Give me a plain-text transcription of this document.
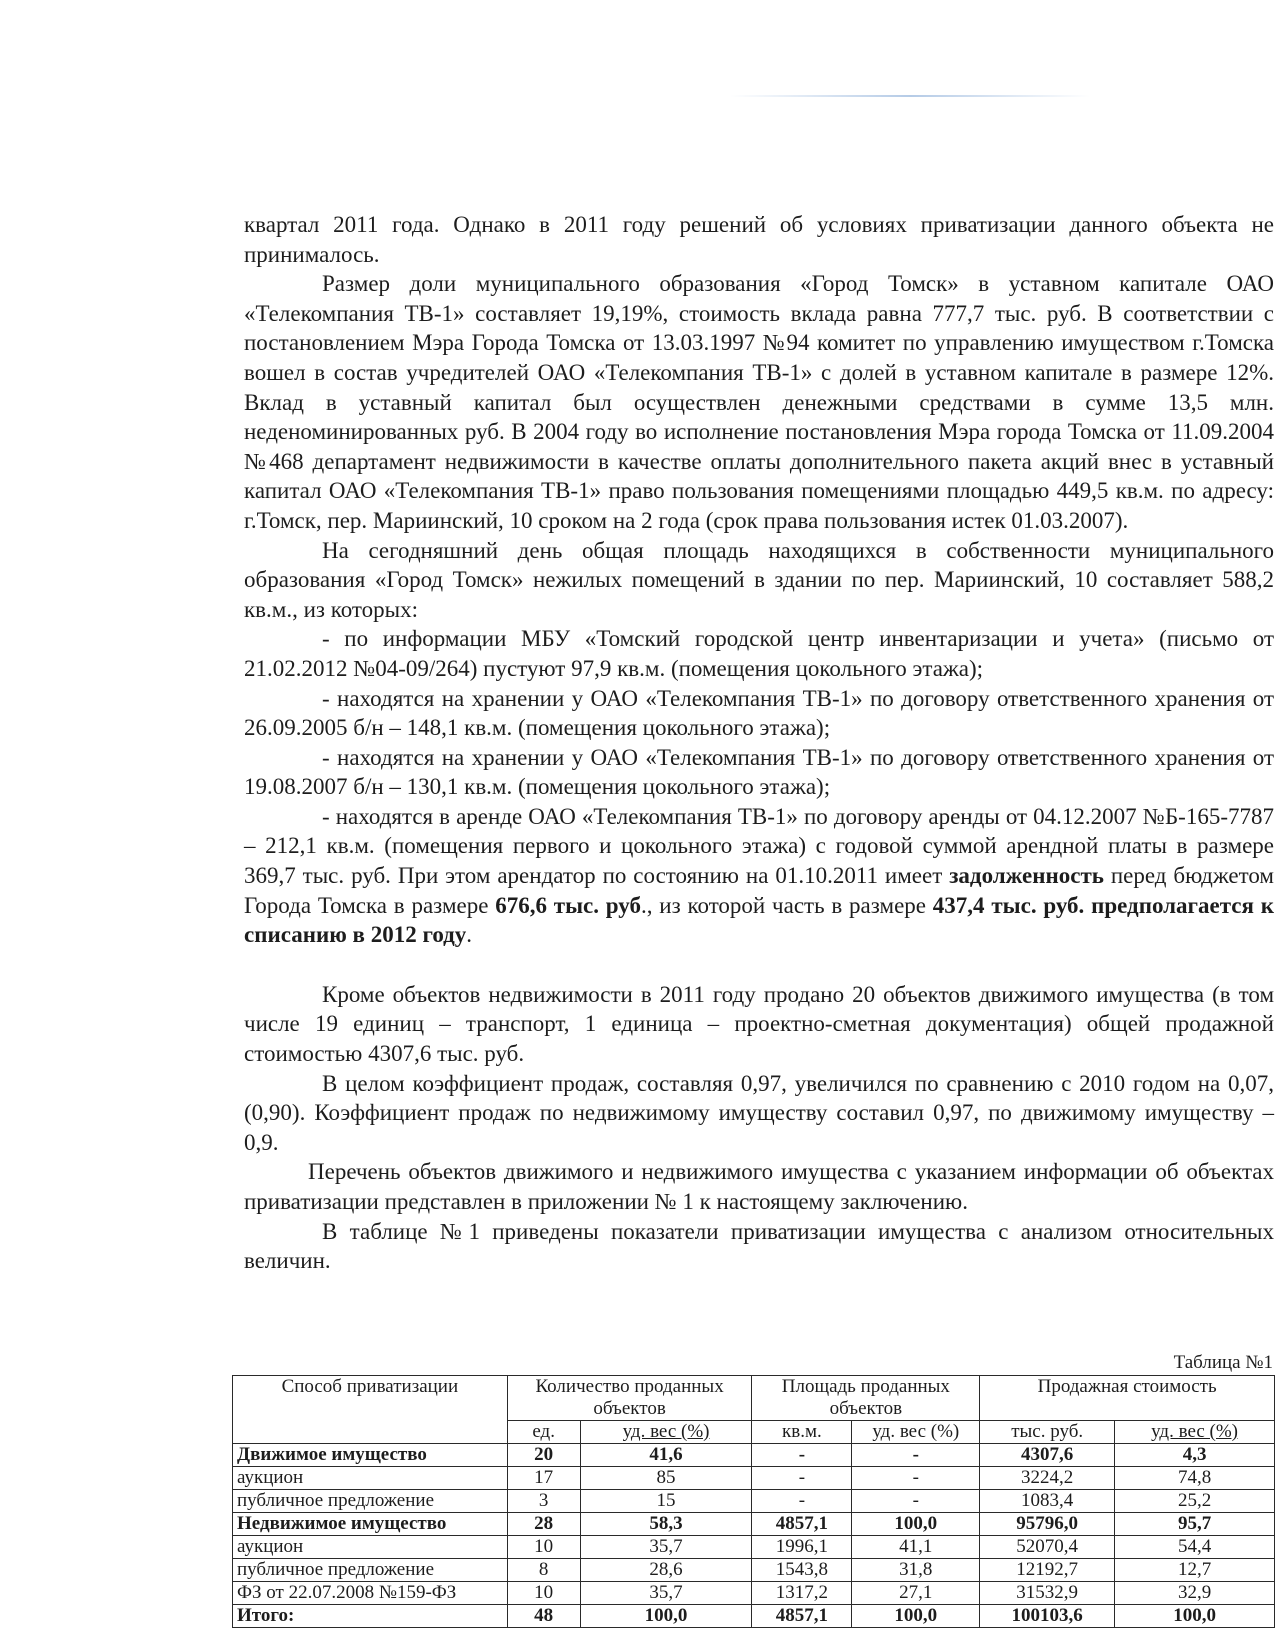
квартал 2011 года. Однако в 2011 году решений об условиях приватизации данного объекта не принималось.

Размер доли муниципального образования «Город Томск» в уставном капитале ОАО «Телекомпания ТВ-1» составляет 19,19%, стоимость вклада равна 777,7 тыс. руб. В соответствии с постановлением Мэра Города Томска от 13.03.1997 №94 комитет по управлению имуществом г.Томска вошел в состав учредителей ОАО «Телекомпания ТВ-1» с долей в уставном капитале в размере 12%. Вклад в уставный капитал был осуществлен денежными средствами в сумме 13,5 млн. неденоминированных руб. В 2004 году во исполнение постановления Мэра города Томска от 11.09.2004 №468 департамент недвижимости в качестве оплаты дополнительного пакета акций внес в уставный капитал ОАО «Телекомпания ТВ-1» право пользования помещениями площадью 449,5 кв.м. по адресу: г.Томск, пер. Мариинский, 10 сроком на 2 года (срок права пользования истек 01.03.2007).

На сегодняшний день общая площадь находящихся в собственности муниципального образования «Город Томск» нежилых помещений в здании по пер. Мариинский, 10 составляет 588,2 кв.м., из которых:

- по информации МБУ «Томский городской центр инвентаризации и учета» (письмо от 21.02.2012 №04-09/264) пустуют 97,9 кв.м. (помещения цокольного этажа);

- находятся на хранении у ОАО «Телекомпания ТВ-1» по договору ответственного хранения от 26.09.2005 б/н – 148,1 кв.м. (помещения цокольного этажа);

- находятся на хранении у ОАО «Телекомпания ТВ-1» по договору ответственного хранения от 19.08.2007 б/н – 130,1 кв.м. (помещения цокольного этажа);

- находятся в аренде ОАО «Телекомпания ТВ-1» по договору аренды от 04.12.2007 №Б-165-7787 – 212,1 кв.м. (помещения первого и цокольного этажа) с годовой суммой арендной платы в размере 369,7 тыс. руб. При этом арендатор по состоянию на 01.10.2011 имеет задолженность перед бюджетом Города Томска в размере 676,6 тыс. руб., из которой часть в размере 437,4 тыс. руб. предполагается к списанию в 2012 году.

Кроме объектов недвижимости в 2011 году продано 20 объектов движимого имущества (в том числе 19 единиц – транспорт, 1 единица – проектно-сметная документация) общей продажной стоимостью 4307,6 тыс. руб.

В целом коэффициент продаж, составляя 0,97, увеличился по сравнению с 2010 годом на 0,07, (0,90). Коэффициент продаж по недвижимому имуществу составил 0,97, по движимому имуществу – 0,9.

Перечень объектов движимого и недвижимого имущества с указанием информации об объектах приватизации представлен в приложении № 1 к настоящему заключению.

В таблице №1 приведены показатели приватизации имущества с анализом относительных величин.

Таблица №1
Способ приватизации	Количество проданных объектов		Площадь проданных объектов		Продажная стоимость	
	ед.	уд. вес (%)	кв.м.	уд. вес (%)	тыс. руб.	уд. вес (%)
Движимое имущество	20	41,6	-	-	4307,6	4,3
аукцион	17	85	-	-	3224,2	74,8
публичное предложение	3	15	-	-	1083,4	25,2
Недвижимое имущество	28	58,3	4857,1	100,0	95796,0	95,7
аукцион	10	35,7	1996,1	41,1	52070,4	54,4
публичное предложение	8	28,6	1543,8	31,8	12192,7	12,7
ФЗ от 22.07.2008 №159-ФЗ	10	35,7	1317,2	27,1	31532,9	32,9
Итого:	48	100,0	4857,1	100,0	100103,6	100,0
